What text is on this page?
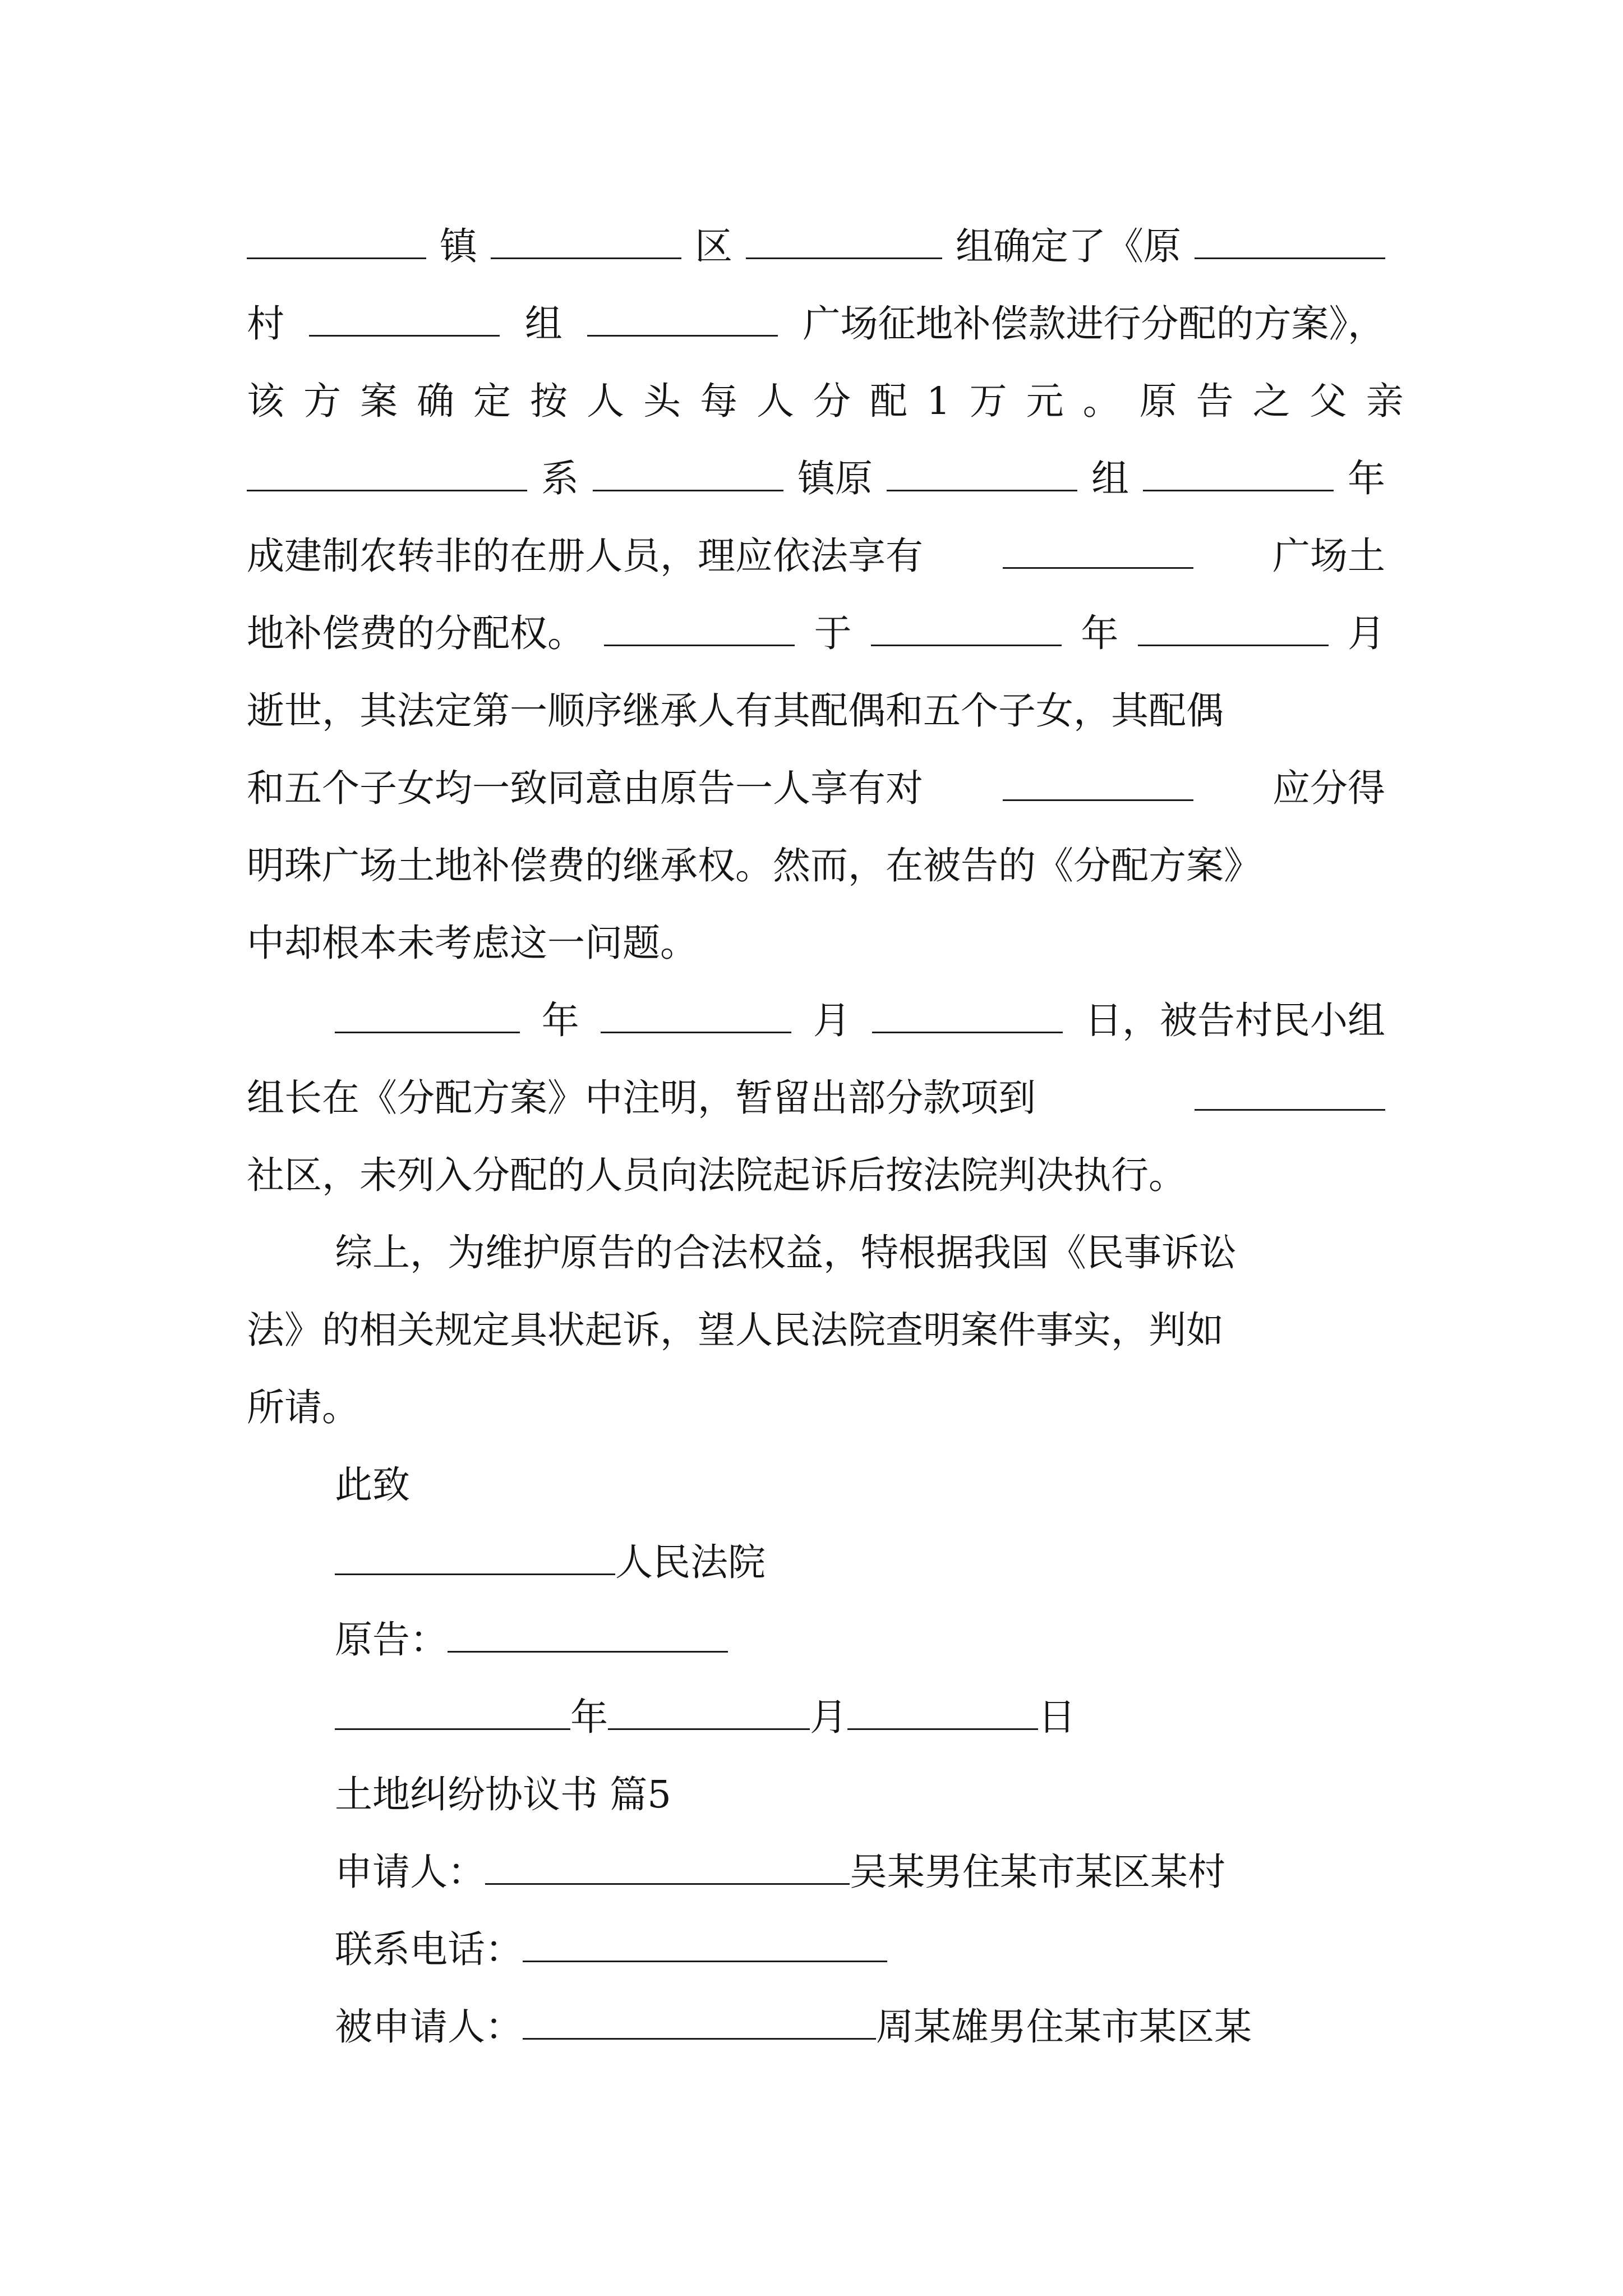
镇	区	组确定了《原
村	组	广场征地补偿款进行分配的方案》，
该方案确定按人头每人分配1万元。原告之父亲
系	镇原	组	年
成建制农转非的在册人员，理应依法享有	广场土
地补偿费的分配权。	于	年	月
逝世，其法定第一顺序继承人有其配偶和五个子女，其配偶
和五个子女均一致同意由原告一人享有对	应分得
明珠广场土地补偿费的继承权。然而，在被告的《分配方案》
中却根本未考虑这一问题。
年	月	日，被告村民小组
组长在《分配方案》中注明，暂留出部分款项到
社区，未列入分配的人员向法院起诉后按法院判决执行。
综上，为维护原告的合法权益，特根据我国《民事诉讼
法》的相关规定具状起诉，望人民法院查明案件事实，判如
所请。
此致
人民法院
原告：
年	月	日
土地纠纷协议书 篇5
申请人：	吴某男住某市某区某村
联系电话：
被申请人：	周某雄男住某市某区某
